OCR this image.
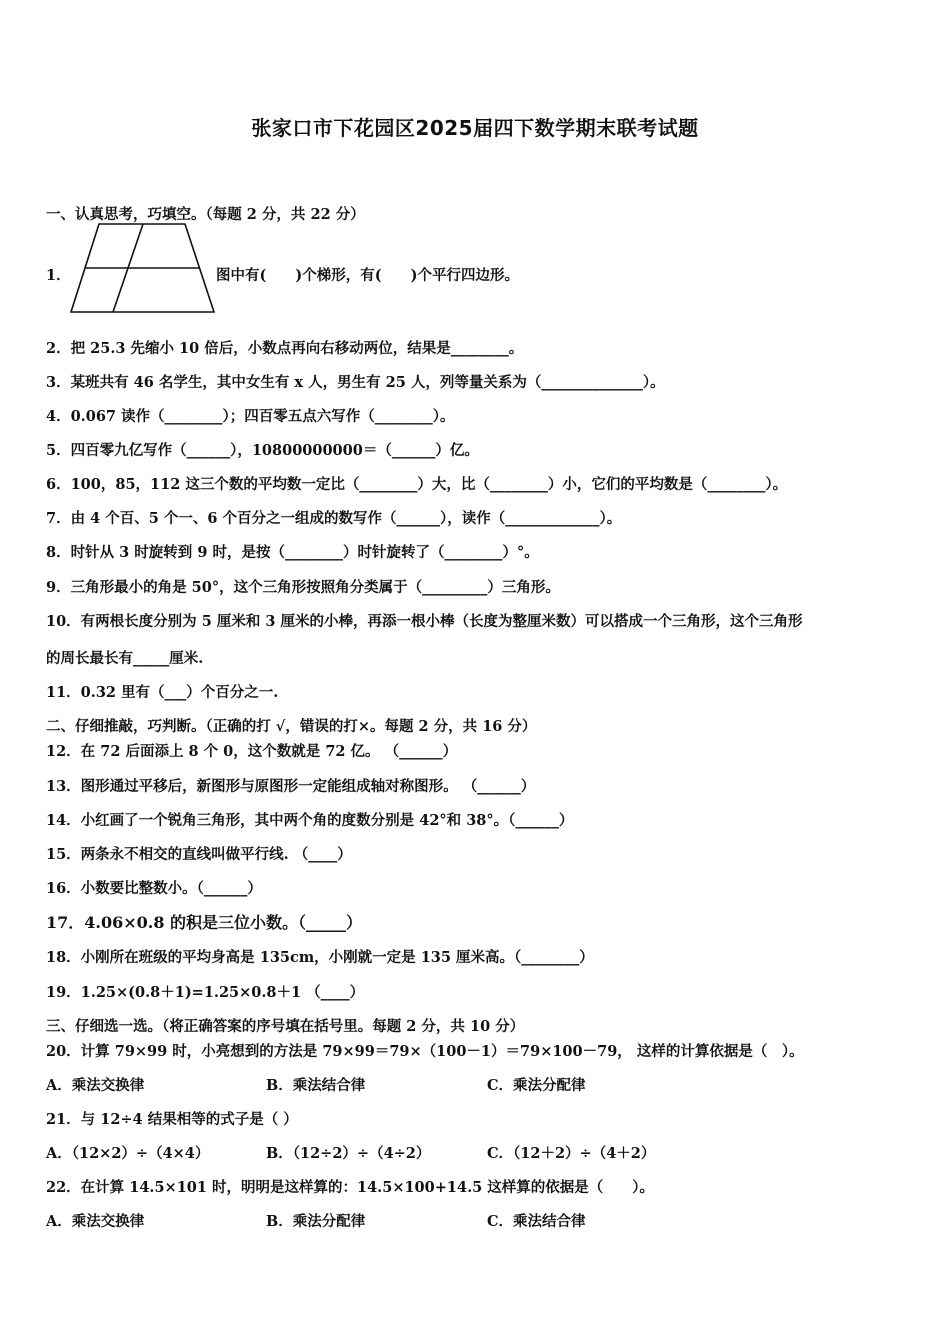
张家口市下花园区2025届四下数学期末联考试题
一、认真思考，巧填空。（每题 2 分，共 22 分）
1．	图中有(　　)个梯形，有(　　)个平行四边形。
2．把 25.3 先缩小 10 倍后，小数点再向右移动两位，结果是________。
3．某班共有 46 名学生，其中女生有 x 人，男生有 25 人，列等量关系为（______________）。
4．0.067 读作（________）；四百零五点六写作（________）。
5．四百零九亿写作（______），10800000000＝（______）亿。
6．100，85，112 这三个数的平均数一定比（________）大，比（________）小，它们的平均数是（________）。
7．由 4 个百、5 个一、6 个百分之一组成的数写作（______），读作（_____________）。
8．时针从 3 时旋转到 9 时，是按（________）时针旋转了（________）°。
9．三角形最小的角是 50°，这个三角形按照角分类属于（_________）三角形。
10．有两根长度分别为 5 厘米和 3 厘米的小棒，再添一根小棒（长度为整厘米数）可以搭成一个三角形，这个三角形
的周长最长有_____厘米.
11．0.32 里有（___）个百分之一.
二、仔细推敲，巧判断。（正确的打 √，错误的打×。每题 2 分，共 16 分）
12．在 72 后面添上 8 个 0，这个数就是 72 亿。 （______）
13．图形通过平移后，新图形与原图形一定能组成轴对称图形。 （______）
14．小红画了一个锐角三角形，其中两个角的度数分别是 42°和 38°。（______）
15．两条永不相交的直线叫做平行线. （____）
16．小数要比整数小。（______）
17．4.06×0.8 的积是三位小数。（_____）
18．小刚所在班级的平均身高是 135cm，小刚就一定是 135 厘米高。（________）
19．1.25×(0.8＋1)=1.25×0.8＋1 （____）
三、仔细选一选。（将正确答案的序号填在括号里。每题 2 分，共 10 分）
20．计算 79×99 时，小亮想到的方法是 79×99＝79×（100－1）＝79×100－79， 这样的计算依据是（　）。
A．乘法交换律	B．乘法结合律	C．乘法分配律
21．与 12÷4 结果相等的式子是（ ）
A．（12×2）÷（4×4）	B．（12÷2）÷（4÷2）	C．（12＋2）÷（4＋2）
22．在计算 14.5×101 时，明明是这样算的：14.5×100+14.5 这样算的依据是（　　）。
A．乘法交换律	B．乘法分配律	C．乘法结合律
